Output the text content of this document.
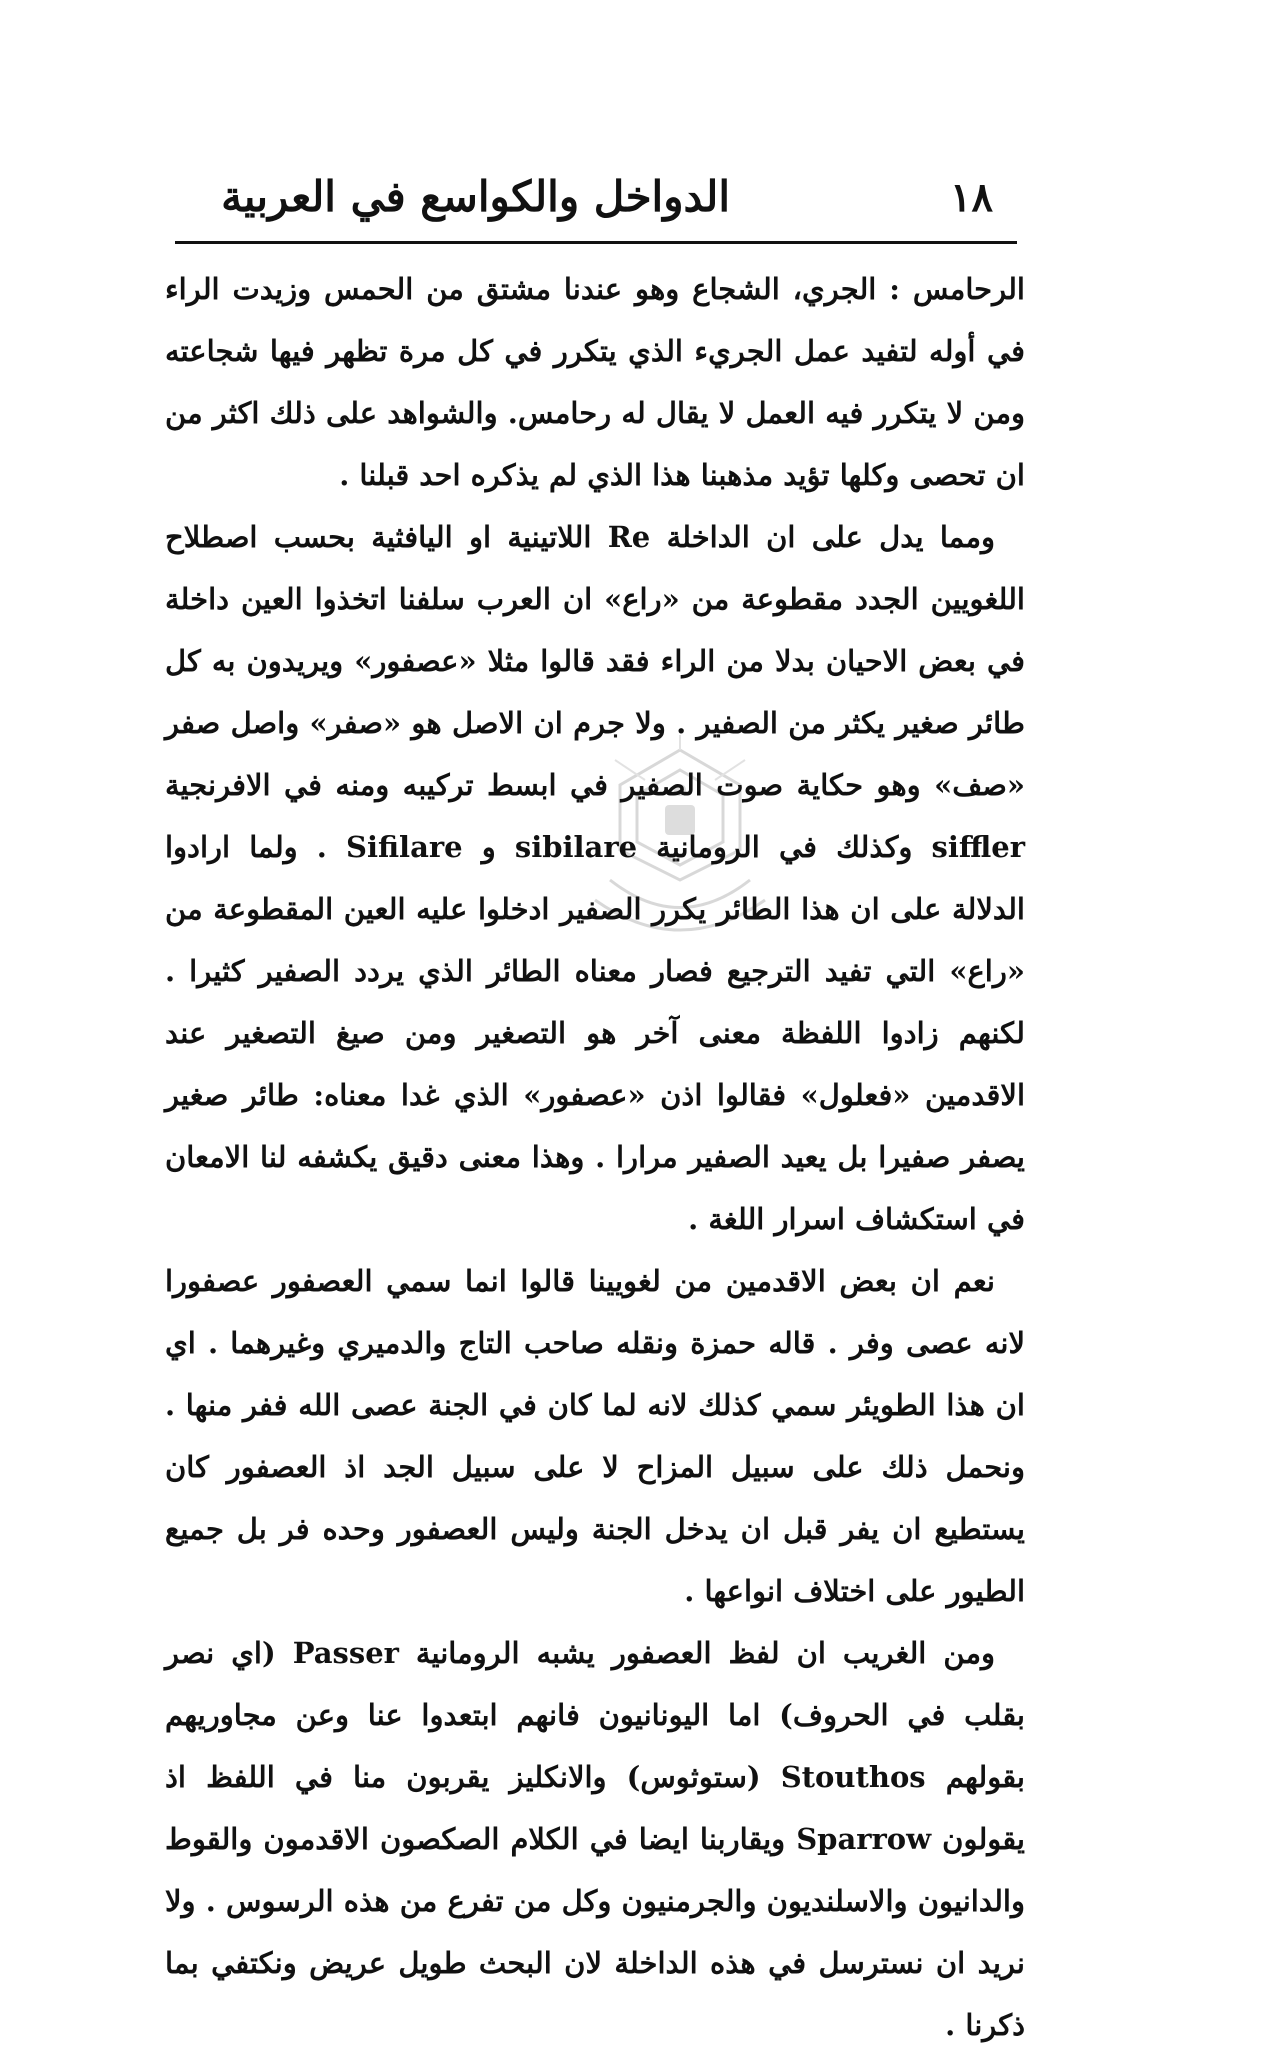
١٨
الدواخل والكواسع في العربية

الرحامس : الجري، الشجاع وهو عندنا مشتق من الحمس وزيدت الراء في أوله لتفيد عمل الجريء الذي يتكرر في كل مرة تظهر فيها شجاعته ومن لا يتكرر فيه العمل لا يقال له رحامس. والشواهد على ذلك اكثر من ان تحصى وكلها تؤيد مذهبنا هذا الذي لم يذكره احد قبلنا .

ومما يدل على ان الداخلة Re اللاتينية او اليافثية بحسب اصطلاح اللغويين الجدد مقطوعة من «راع» ان العرب سلفنا اتخذوا العين داخلة في بعض الاحيان بدلا من الراء فقد قالوا مثلا «عصفور» ويريدون به كل طائر صغير يكثر من الصفير . ولا جرم ان الاصل هو «صفر» واصل صفر «صف» وهو حكاية صوت الصفير في ابسط تركيبه ومنه في الافرنجية siffler وكذلك في الرومانية sibilare و Sifilare . ولما ارادوا الدلالة على ان هذا الطائر يكرر الصفير ادخلوا عليه العين المقطوعة من «راع» التي تفيد الترجيع فصار معناه الطائر الذي يردد الصفير كثيرا . لكنهم زادوا اللفظة معنى آخر هو التصغير ومن صيغ التصغير عند الاقدمين «فعلول» فقالوا اذن «عصفور» الذي غدا معناه: طائر صغير يصفر صفيرا بل يعيد الصفير مرارا . وهذا معنى دقيق يكشفه لنا الامعان في استكشاف اسرار اللغة .

نعم ان بعض الاقدمين من لغويينا قالوا انما سمي العصفور عصفورا لانه عصى وفر . قاله حمزة ونقله صاحب التاج والدميري وغيرهما . اي ان هذا الطويئر سمي كذلك لانه لما كان في الجنة عصى الله ففر منها . ونحمل ذلك على سبيل المزاح لا على سبيل الجد اذ العصفور كان يستطيع ان يفر قبل ان يدخل الجنة وليس العصفور وحده فر بل جميع الطيور على اختلاف انواعها .

ومن الغريب ان لفظ العصفور يشبه الرومانية Passer (اي نصر بقلب في الحروف) اما اليونانيون فانهم ابتعدوا عنا وعن مجاوريهم بقولهم Stouthos (ستوثوس) والانكليز يقربون منا في اللفظ اذ يقولون Sparrow ويقاربنا ايضا في الكلام الصكصون الاقدمون والقوط والدانيون والاسلنديون والجرمنيون وكل من تفرع من هذه الرسوس . ولا نريد ان نسترسل في هذه الداخلة لان البحث طويل عريض ونكتفي بما ذكرنا .
